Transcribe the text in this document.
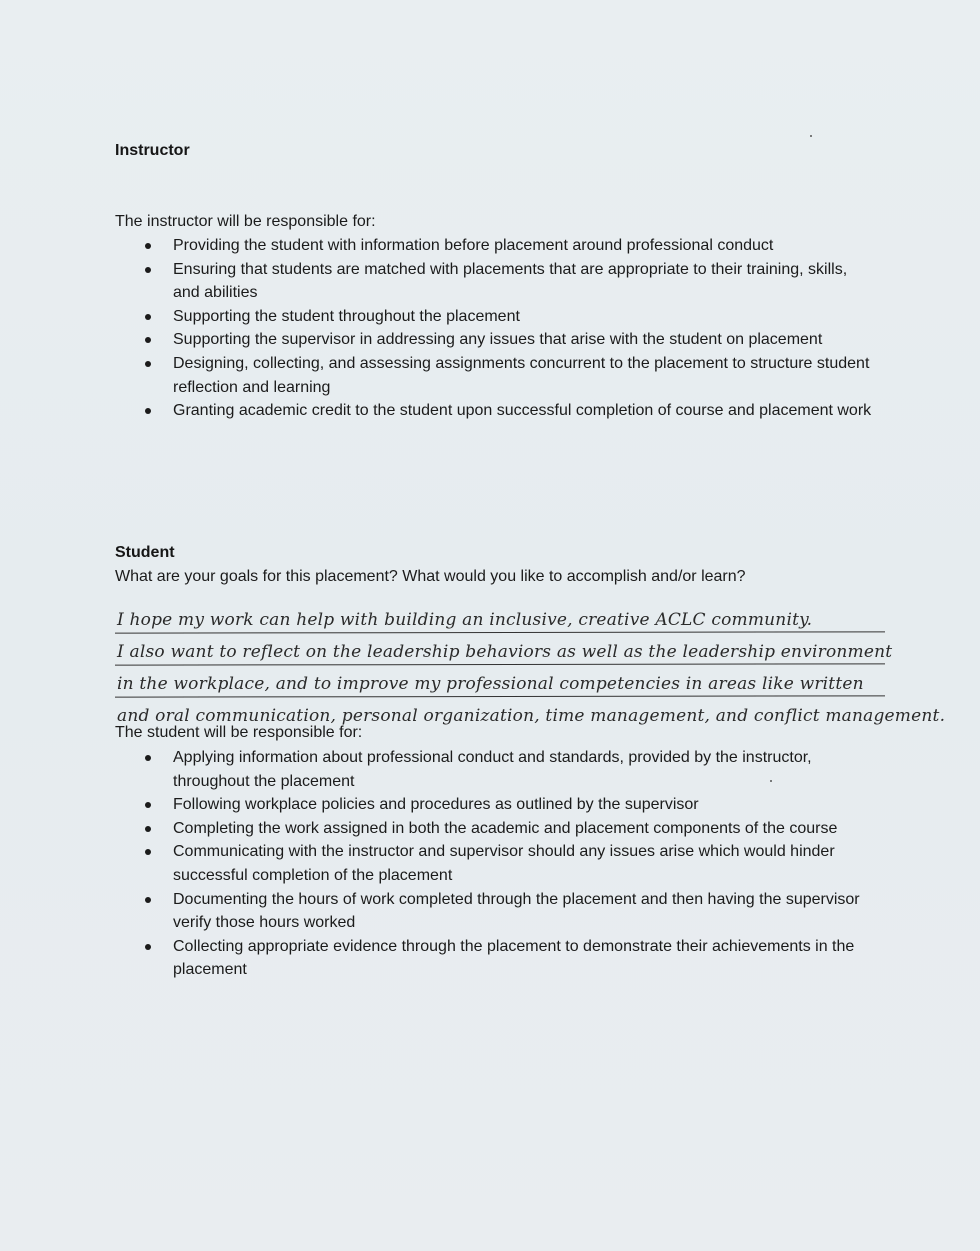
Instructor

The instructor will be responsible for:

Providing the student with information before placement around professional conduct
Ensuring that students are matched with placements that are appropriate to their training, skills, and abilities
Supporting the student throughout the placement
Supporting the supervisor in addressing any issues that arise with the student on placement
Designing, collecting, and assessing assignments concurrent to the placement to structure student reflection and learning
Granting academic credit to the student upon successful completion of course and placement work
Student

What are your goals for this placement? What would you like to accomplish and/or learn?

I hope my work can help with building an inclusive, creative ACLC community.
I also want to reflect on the leadership behaviors as well as the leadership environment
in the workplace, and to improve my professional competencies in areas like written
and oral communication, personal organization, time management, and conflict management.

The student will be responsible for:

Applying information about professional conduct and standards, provided by the instructor, throughout the placement
Following workplace policies and procedures as outlined by the supervisor
Completing the work assigned in both the academic and placement components of the course
Communicating with the instructor and supervisor should any issues arise which would hinder successful completion of the placement
Documenting the hours of work completed through the placement and then having the supervisor verify those hours worked
Collecting appropriate evidence through the placement to demonstrate their achievements in the placement
